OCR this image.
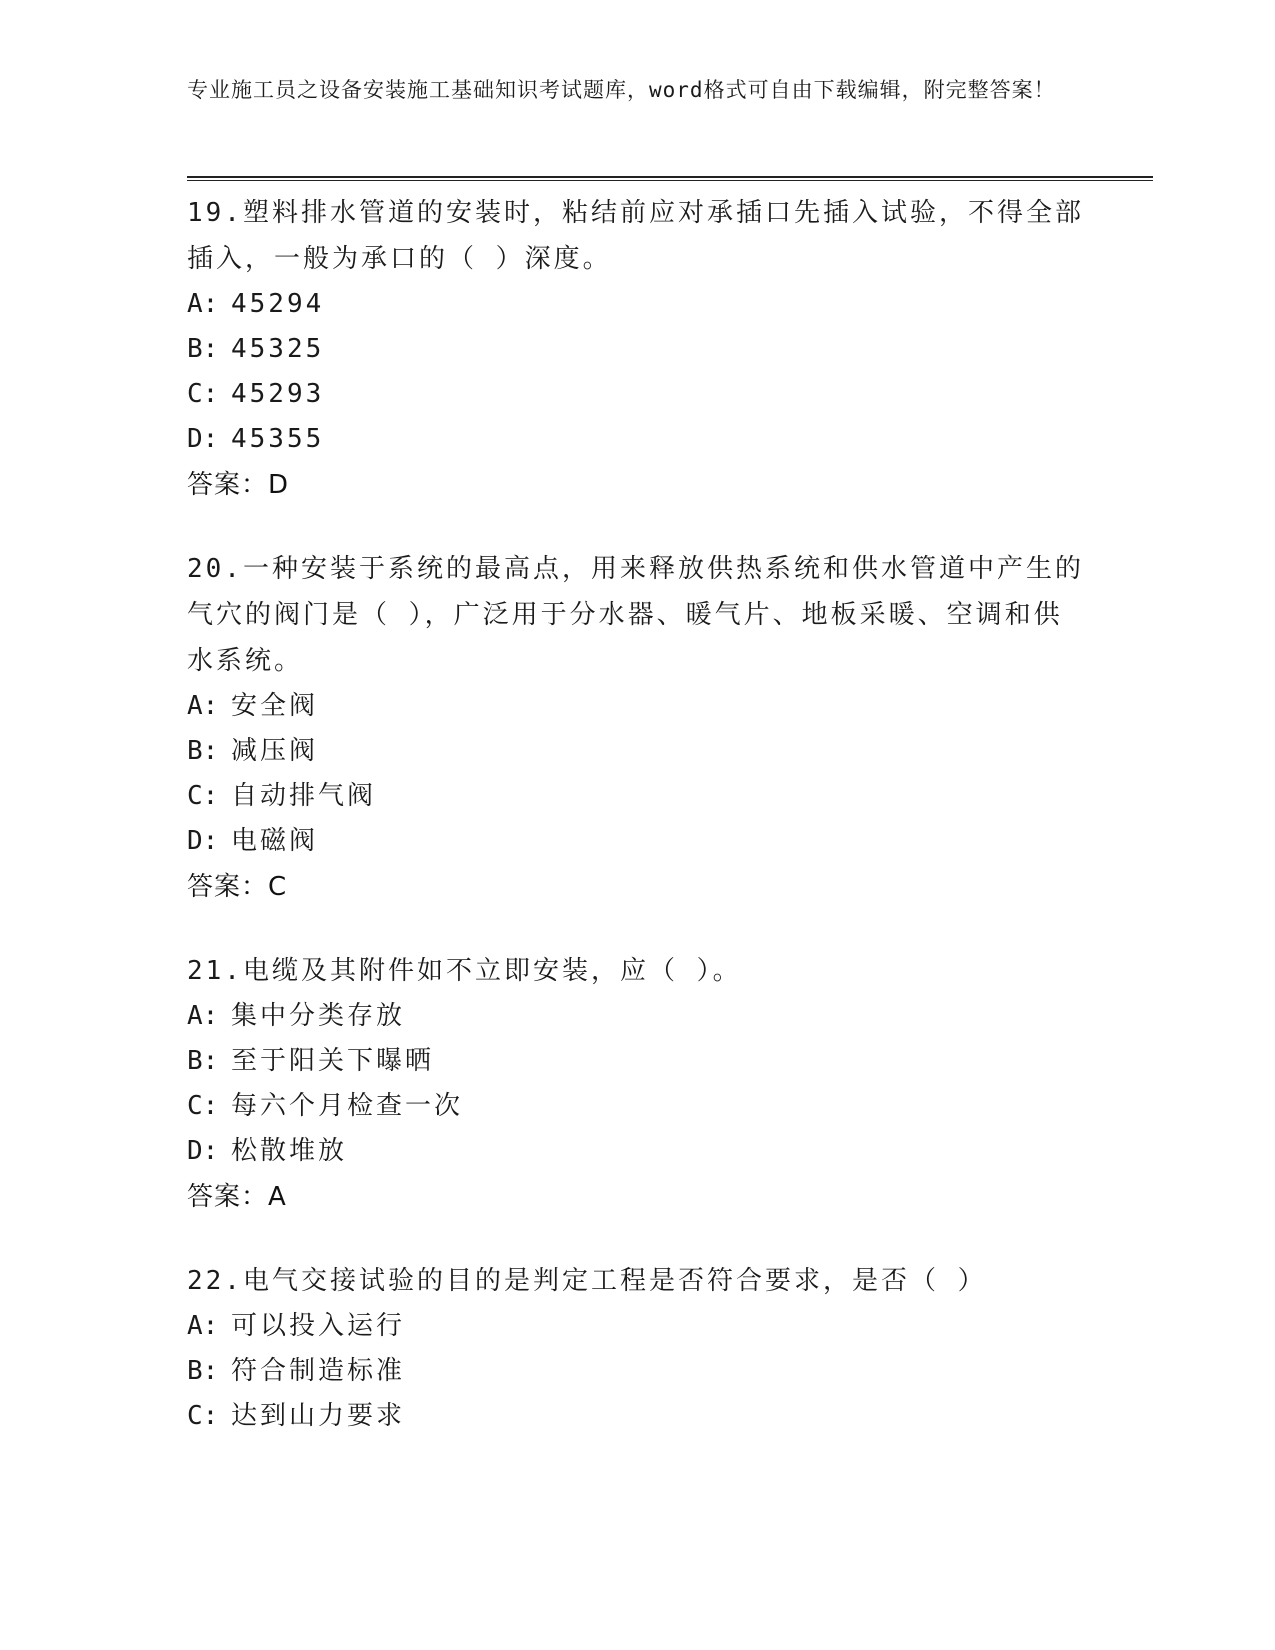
专业施工员之设备安装施工基础知识考试题库，word格式可自由下载编辑，附完整答案！
19.塑料排水管道的安装时，粘结前应对承插口先插入试验，不得全部插入，一般为承口的（ ）深度。
A: 45294
B: 45325
C: 45293
D: 45355
答案：D
20.一种安装于系统的最高点，用来释放供热系统和供水管道中产生的气穴的阀门是（ ），广泛用于分水器、暖气片、地板采暖、空调和供水系统。
A: 安全阀
B: 减压阀
C: 自动排气阀
D: 电磁阀
答案：C
21.电缆及其附件如不立即安装，应（ ）。
A: 集中分类存放
B: 至于阳关下曝晒
C: 每六个月检查一次
D: 松散堆放
答案：A
22.电气交接试验的目的是判定工程是否符合要求，是否（ ）
A: 可以投入运行
B: 符合制造标准
C: 达到山力要求
